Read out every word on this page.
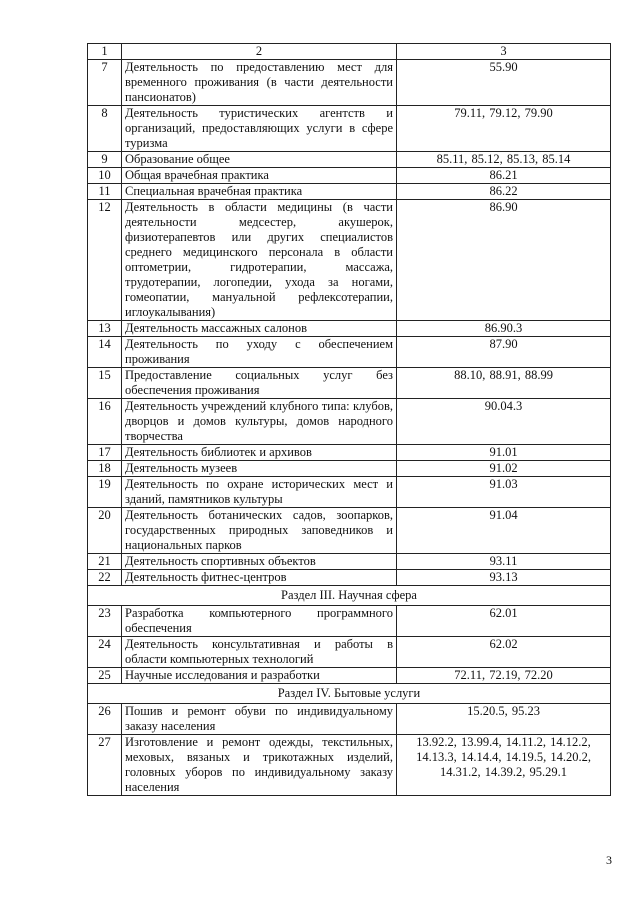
1	2	3
7	Деятельность по предоставлению мест для временного проживания (в части деятельности пансионатов)	55.90
8	Деятельность туристических агентств и организаций, предоставляющих услуги в сфере туризма	79.11, 79.12, 79.90
9	Образование общее	85.11, 85.12, 85.13, 85.14
10	Общая врачебная практика	86.21
11	Специальная врачебная практика	86.22
12	Деятельность в области медицины (в части деятельности медсестер, акушерок, физиотерапевтов или других специалистов среднего медицинского персонала в области оптометрии, гидротерапии, массажа, трудотерапии, логопедии, ухода за ногами, гомеопатии, мануальной рефлексотерапии, иглоукалывания)	86.90
13	Деятельность массажных салонов	86.90.3
14	Деятельность по уходу с обеспечением проживания	87.90
15	Предоставление социальных услуг без обеспечения проживания	88.10, 88.91, 88.99
16	Деятельность учреждений клубного типа: клубов, дворцов и домов культуры, домов народного творчества	90.04.3
17	Деятельность библиотек и архивов	91.01
18	Деятельность музеев	91.02
19	Деятельность по охране исторических мест и зданий, памятников культуры	91.03
20	Деятельность ботанических садов, зоопарков, государственных природных заповедников и национальных парков	91.04
21	Деятельность спортивных объектов	93.11
22	Деятельность фитнес-центров	93.13
Раздел III. Научная сфера		
23	Разработка компьютерного программного обеспечения	62.01
24	Деятельность консультативная и работы в области компьютерных технологий	62.02
25	Научные исследования и разработки	72.11, 72.19, 72.20
Раздел IV. Бытовые услуги		
26	Пошив и ремонт обуви по индивидуальному заказу населения	15.20.5, 95.23
27	Изготовление и ремонт одежды, текстильных, меховых, вязаных и трикотажных изделий, головных уборов по индивидуальному заказу населения	13.92.2, 13.99.4, 14.11.2, 14.12.2, 14.13.3, 14.14.4, 14.19.5, 14.20.2, 14.31.2, 14.39.2, 95.29.1
3
